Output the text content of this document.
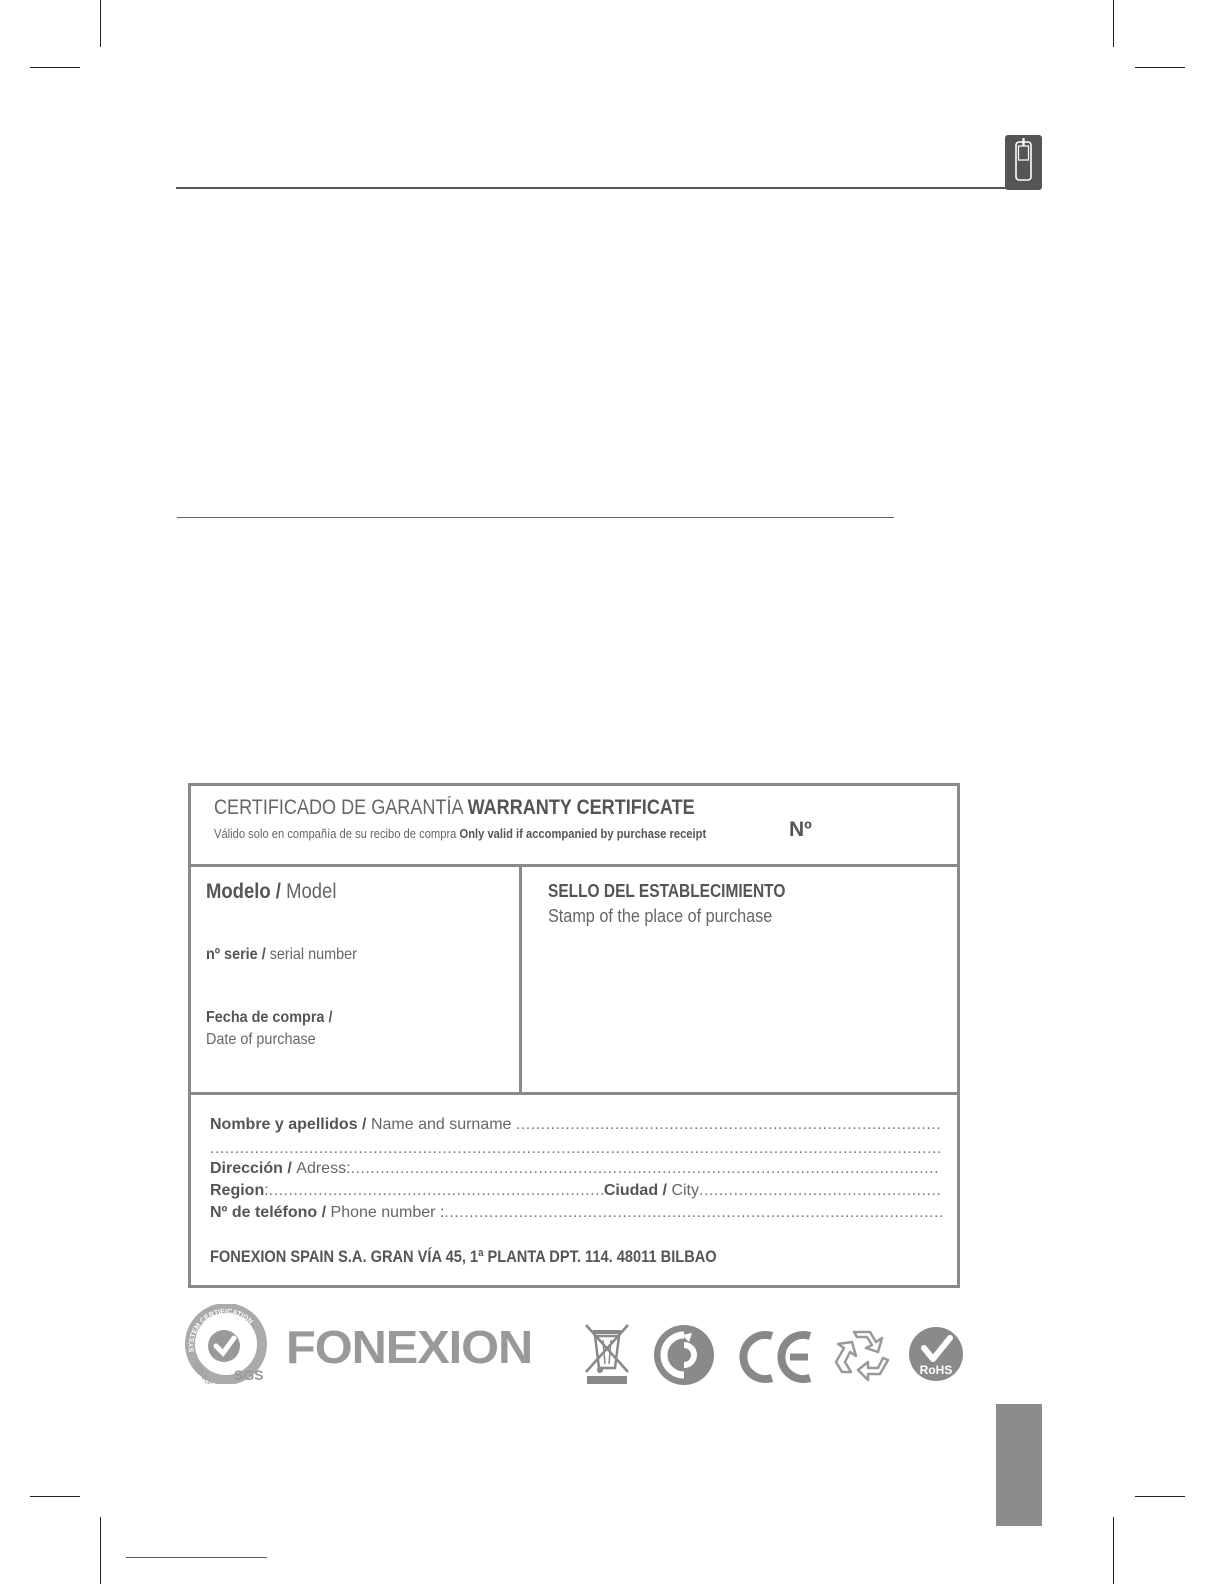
CERTIFICADO DE GARANTÍA WARRANTY CERTIFICATE
Válido solo en compañía de su recibo de compra Only valid if accompanied by purchase receipt	Nº
Modelo / Model
nº serie / serial number
Fecha de compra /
Date of purchase
SELLO DEL ESTABLECIMIENTO
Stamp of the place of purchase
Nombre y apellidos /
Name and surname

.....
.....
Dirección /
Adress:
.....
Region :
.....	Ciudad /
City
.....
Nº de teléfono /
Phone number :
.....
FONEXION SPAIN S.A. GRAN VÍA 45, 1ª PLANTA DPT. 114. 48011 BILBAO
SYSTEM CERTIFICATION
ISO 9001 SGS
FONEXION	RoHS
